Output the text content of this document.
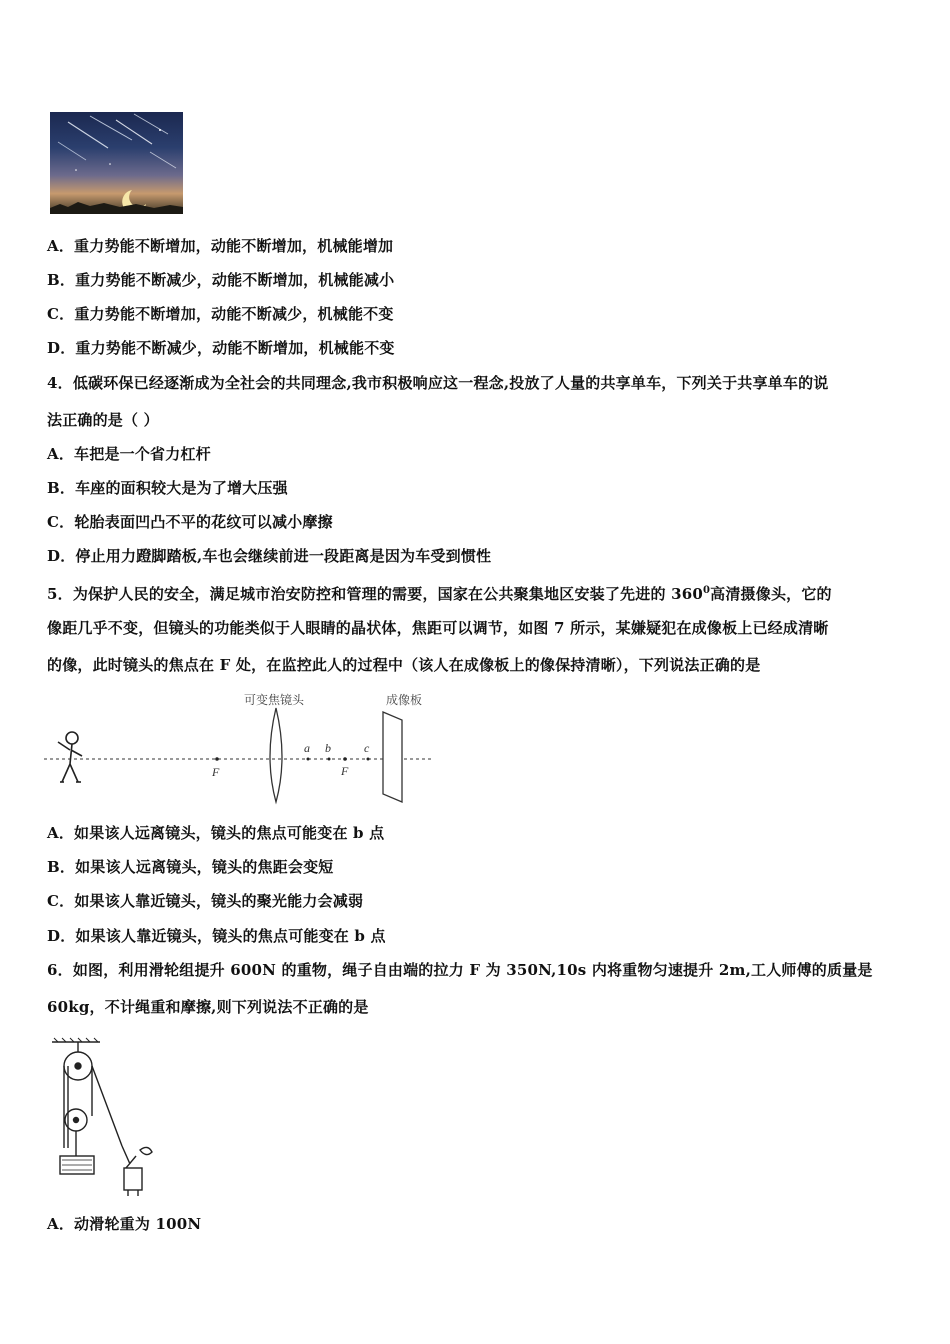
A．重力势能不断增加，动能不断增加，机械能增加
B．重力势能不断减少，动能不断增加，机械能减小
C．重力势能不断增加，动能不断减少，机械能不变
D．重力势能不断减少，动能不断增加，机械能不变
4．低碳环保已经逐渐成为全社会的共同理念,我市积极响应这一程念,投放了人量的共享单车，下列关于共享单车的说
法正确的是（ ）
A．车把是一个省力杠杆
B．车座的面积较大是为了增大压强
C．轮胎表面凹凸不平的花纹可以减小摩擦
D．停止用力蹬脚踏板,车也会继续前进一段距离是因为车受到惯性
5．为保护人民的安全，满足城市治安防控和管理的需要，国家在公共聚集地区安装了先进的 $360^0$高清摄像头，它的
像距几乎不变，但镜头的功能类似于人眼睛的晶状体，焦距可以调节，如图 7 所示，某嫌疑犯在成像板上已经成清晰
的像，此时镜头的焦点在 F 处，在监控此人的过程中（该人在成像板上的像保持清晰），下列说法正确的是
F
可变焦镜头
a b
F
c
成像板
A．如果该人远离镜头，镜头的焦点可能变在 b 点
B．如果该人远离镜头，镜头的焦距会变短
C．如果该人靠近镜头，镜头的聚光能力会减弱
D．如果该人靠近镜头，镜头的焦点可能变在 b 点
6．如图，利用滑轮组提升 600N 的重物，绳子自由端的拉力 F 为 350N,10s 内将重物匀速提升 2m,工人师傅的质量是
60kg，不计绳重和摩擦,则下列说法不正确的是
A．动滑轮重为 100N
